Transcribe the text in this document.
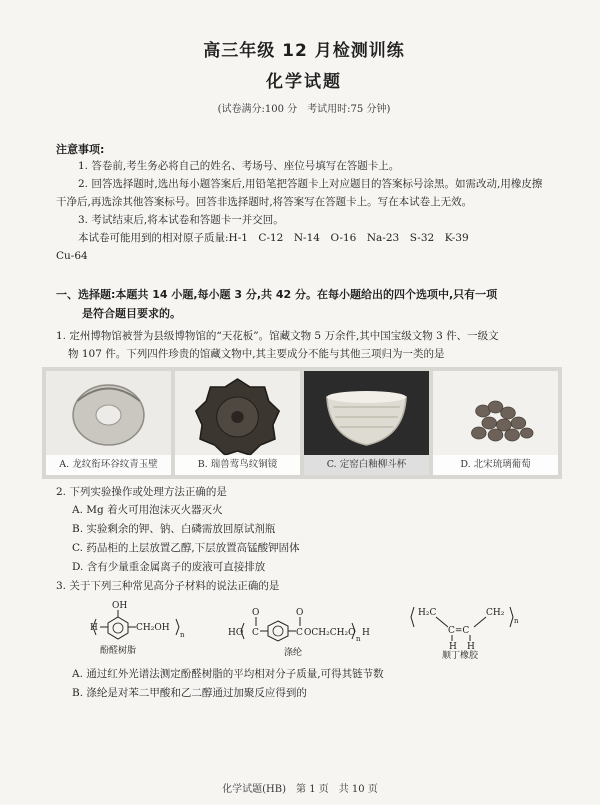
高三年级 12 月检测训练
化学试题
(试卷满分:100 分　考试用时:75 分钟)
注意事项:

1. 答卷前,考生务必将自己的姓名、考场号、座位号填写在答题卡上。

2. 回答选择题时,选出每小题答案后,用铅笔把答题卡上对应题目的答案标号涂黑。如需改动,用橡皮擦干净后,再选涂其他答案标号。回答非选择题时,将答案写在答题卡上。写在本试卷上无效。

3. 考试结束后,将本试卷和答题卡一并交回。

本试卷可能用到的相对原子质量:H-1　C-12　N-14　O-16　Na-23　S-32　K-39

Cu-64

一、选择题:本题共 14 小题,每小题 3 分,共 42 分。在每小题给出的四个选项中,只有一项
是符合题目要求的。
1. 定州博物馆被誉为县级博物馆的“天花板”。馆藏文物 5 万余件,其中国宝级文物 3 件、一级文
物 107 件。下列四件珍贵的馆藏文物中,其主要成分不能与其他三项归为一类的是
A. 龙纹衔环谷纹青玉壁	B. 瑞兽莺鸟纹铜镜	C. 定窑白釉柳斗杯	D. 北宋琉璃葡萄
2. 下列实验操作或处理方法正确的是
A. Mg 着火可用泡沫灭火器灭火
B. 实验剩余的钾、钠、白磷需放回原试剂瓶
C. 药品柜的上层放置乙醇,下层放置高锰酸钾固体
D. 含有少量重金属离子的废液可直接排放
3. 关于下列三种常见高分子材料的说法正确的是
OH
H	CH₂OH
n
酚醛树脂
HO
O
C
O
C OCH₂CH₂O
n
H
涤纶
H₂C
C=C
CH₂
n
H H
顺丁橡胶
A. 通过红外光谱法测定酚醛树脂的平均相对分子质量,可得其链节数
B. 涤纶是对苯二甲酸和乙二醇通过加聚反应得到的
化学试题(HB)　第 1 页　共 10 页
